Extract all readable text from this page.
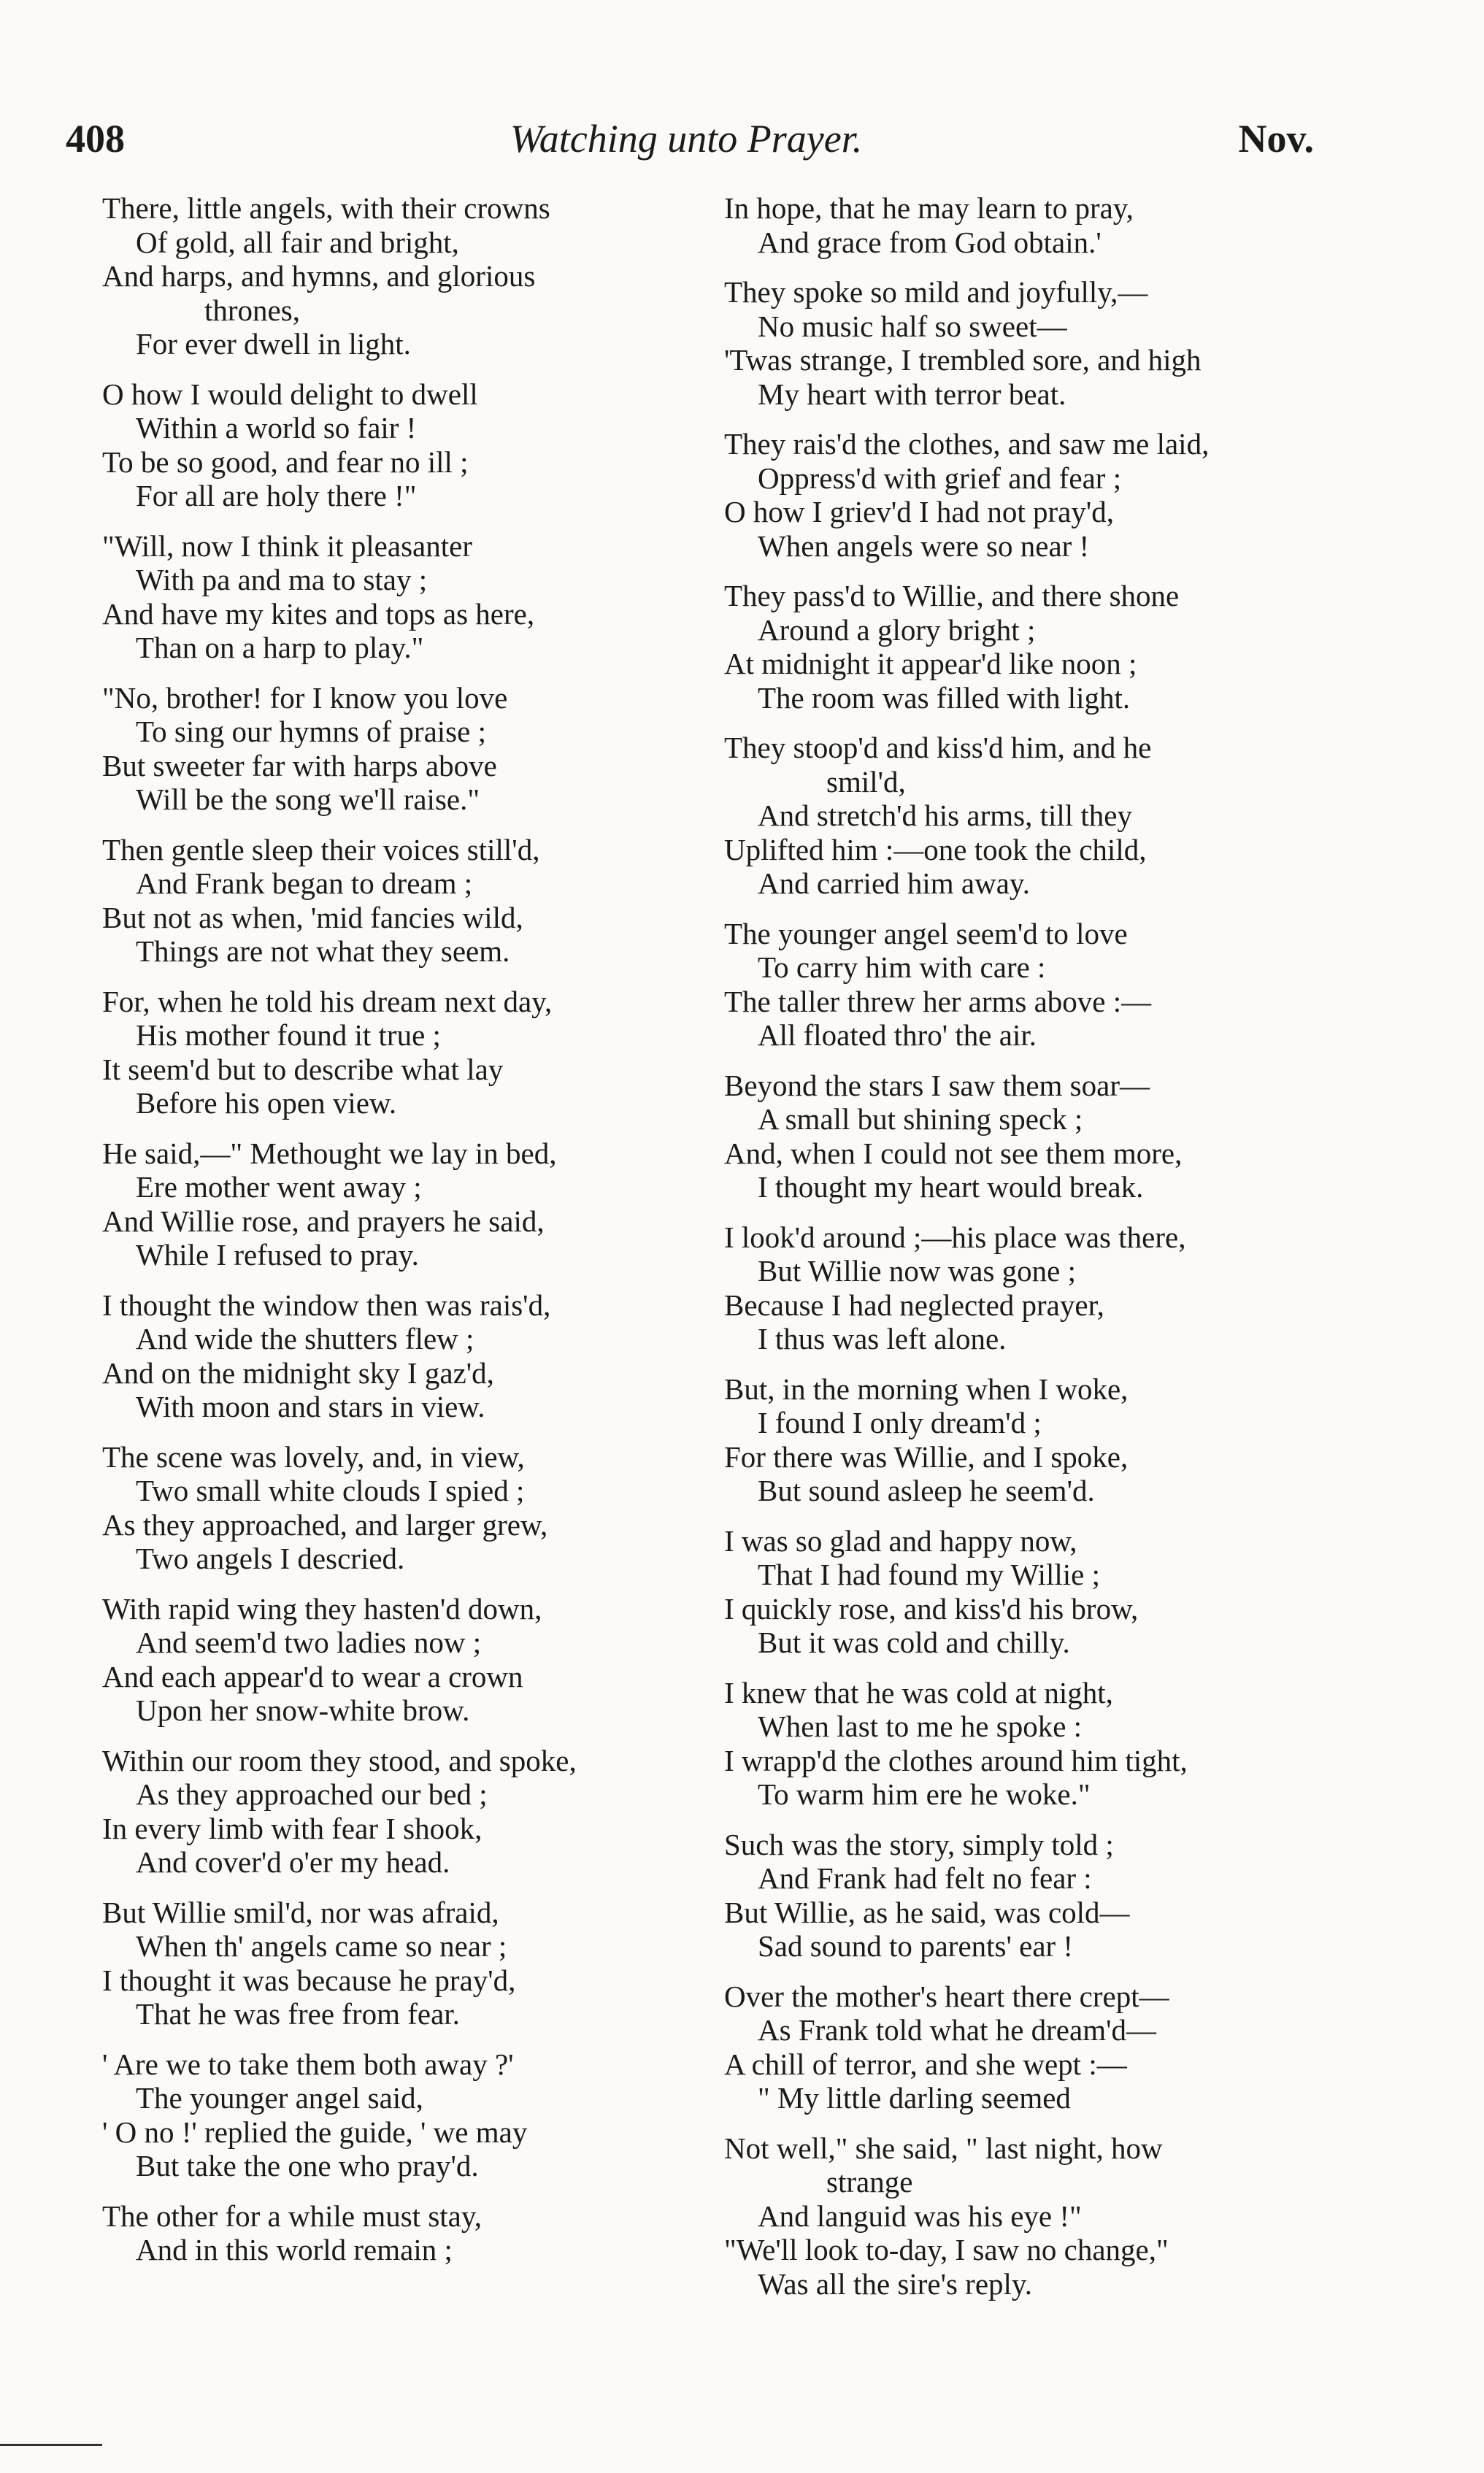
408	Watching unto Prayer.	Nov.
There, little angels, with their crowns
Of gold, all fair and bright,
And harps, and hymns, and glorious
thrones,
For ever dwell in light.
O how I would delight to dwell
Within a world so fair !
To be so good, and fear no ill ;
For all are holy there !"
"Will, now I think it pleasanter
With pa and ma to stay ;
And have my kites and tops as here,
Than on a harp to play."
"No, brother! for I know you love
To sing our hymns of praise ;
But sweeter far with harps above
Will be the song we'll raise."
Then gentle sleep their voices still'd,
And Frank began to dream ;
But not as when, 'mid fancies wild,
Things are not what they seem.
For, when he told his dream next day,
His mother found it true ;
It seem'd but to describe what lay
Before his open view.
He said,—" Methought we lay in bed,
Ere mother went away ;
And Willie rose, and prayers he said,
While I refused to pray.
I thought the window then was rais'd,
And wide the shutters flew ;
And on the midnight sky I gaz'd,
With moon and stars in view.
The scene was lovely, and, in view,
Two small white clouds I spied ;
As they approached, and larger grew,
Two angels I descried.
With rapid wing they hasten'd down,
And seem'd two ladies now ;
And each appear'd to wear a crown
Upon her snow-white brow.
Within our room they stood, and spoke,
As they approached our bed ;
In every limb with fear I shook,
And cover'd o'er my head.
But Willie smil'd, nor was afraid,
When th' angels came so near ;
I thought it was because he pray'd,
That he was free from fear.
' Are we to take them both away ?'
The younger angel said,
' O no !' replied the guide, ' we may
But take the one who pray'd.
The other for a while must stay,
And in this world remain ;
In hope, that he may learn to pray,
And grace from God obtain.'
They spoke so mild and joyfully,—
No music half so sweet—
'Twas strange, I trembled sore, and high
My heart with terror beat.
They rais'd the clothes, and saw me laid,
Oppress'd with grief and fear ;
O how I griev'd I had not pray'd,
When angels were so near !
They pass'd to Willie, and there shone
Around a glory bright ;
At midnight it appear'd like noon ;
The room was filled with light.
They stoop'd and kiss'd him, and he
smil'd,
And stretch'd his arms, till they
Uplifted him :—one took the child,
And carried him away.
The younger angel seem'd to love
To carry him with care :
The taller threw her arms above :—
All floated thro' the air.
Beyond the stars I saw them soar—
A small but shining speck ;
And, when I could not see them more,
I thought my heart would break.
I look'd around ;—his place was there,
But Willie now was gone ;
Because I had neglected prayer,
I thus was left alone.
But, in the morning when I woke,
I found I only dream'd ;
For there was Willie, and I spoke,
But sound asleep he seem'd.
I was so glad and happy now,
That I had found my Willie ;
I quickly rose, and kiss'd his brow,
But it was cold and chilly.
I knew that he was cold at night,
When last to me he spoke :
I wrapp'd the clothes around him tight,
To warm him ere he woke."
Such was the story, simply told ;
And Frank had felt no fear :
But Willie, as he said, was cold—
Sad sound to parents' ear !
Over the mother's heart there crept—
As Frank told what he dream'd—
A chill of terror, and she wept :—
" My little darling seemed
Not well," she said, " last night, how
strange
And languid was his eye !"
"We'll look to-day, I saw no change,"
Was all the sire's reply.
